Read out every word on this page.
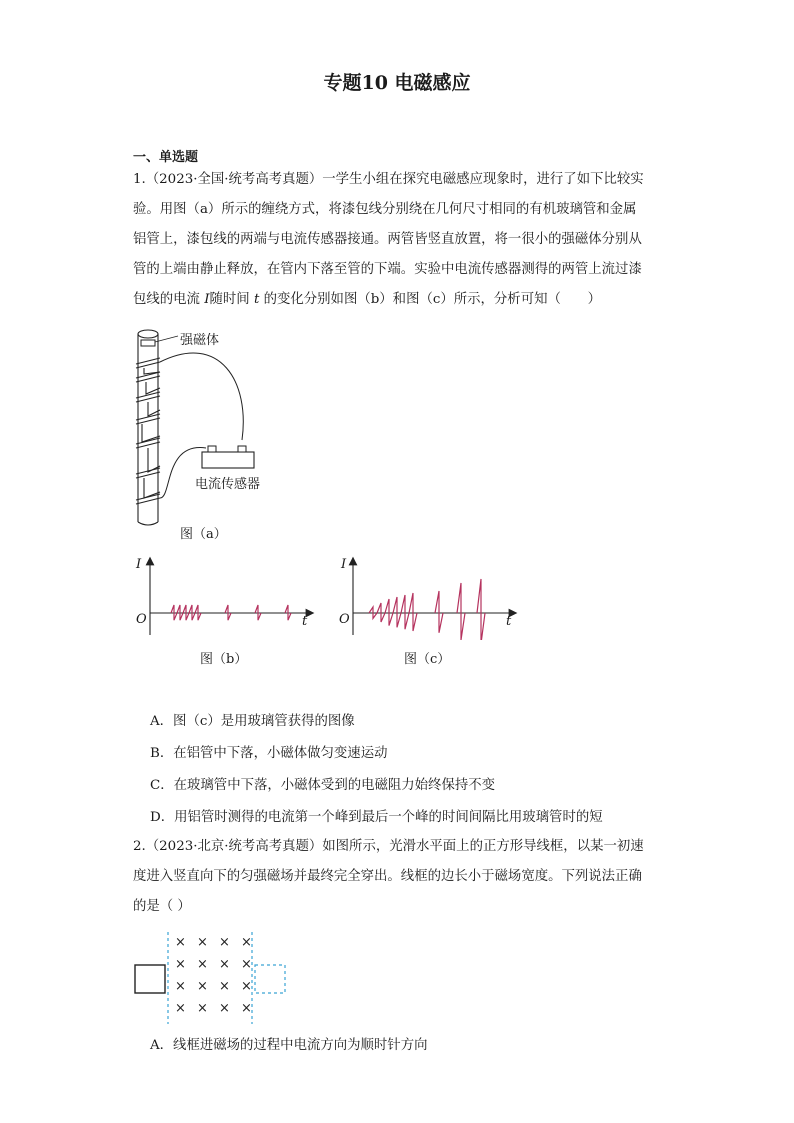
专题10 电磁感应
一、单选题
1.（2023·全国·统考高考真题）一学生小组在探究电磁感应现象时，进行了如下比较实
验。用图（a）所示的缠绕方式，将漆包线分别绕在几何尺寸相同的有机玻璃管和金属
铝管上，漆包线的两端与电流传感器接通。两管皆竖直放置，将一很小的强磁体分别从
管的上端由静止释放，在管内下落至管的下端。实验中电流传感器测得的两管上流过漆
包线的电流 I随时间 t 的变化分别如图（b）和图（c）所示，分析可知（　　）
强磁体
电流传感器
图（a）
I
O	t
图（b）
I
O	t
图（c）
A．图（c）是用玻璃管获得的图像
B．在铝管中下落，小磁体做匀变速运动
C．在玻璃管中下落，小磁体受到的电磁阻力始终保持不变
D．用铝管时测得的电流第一个峰到最后一个峰的时间间隔比用玻璃管时的短
2.（2023·北京·统考高考真题）如图所示，光滑水平面上的正方形导线框，以某一初速
度进入竖直向下的匀强磁场并最终完全穿出。线框的边长小于磁场宽度。下列说法正确
的是（ ）
× × × ×
× × × ×
× × × ×
× × × ×
A．线框进磁场的过程中电流方向为顺时针方向
